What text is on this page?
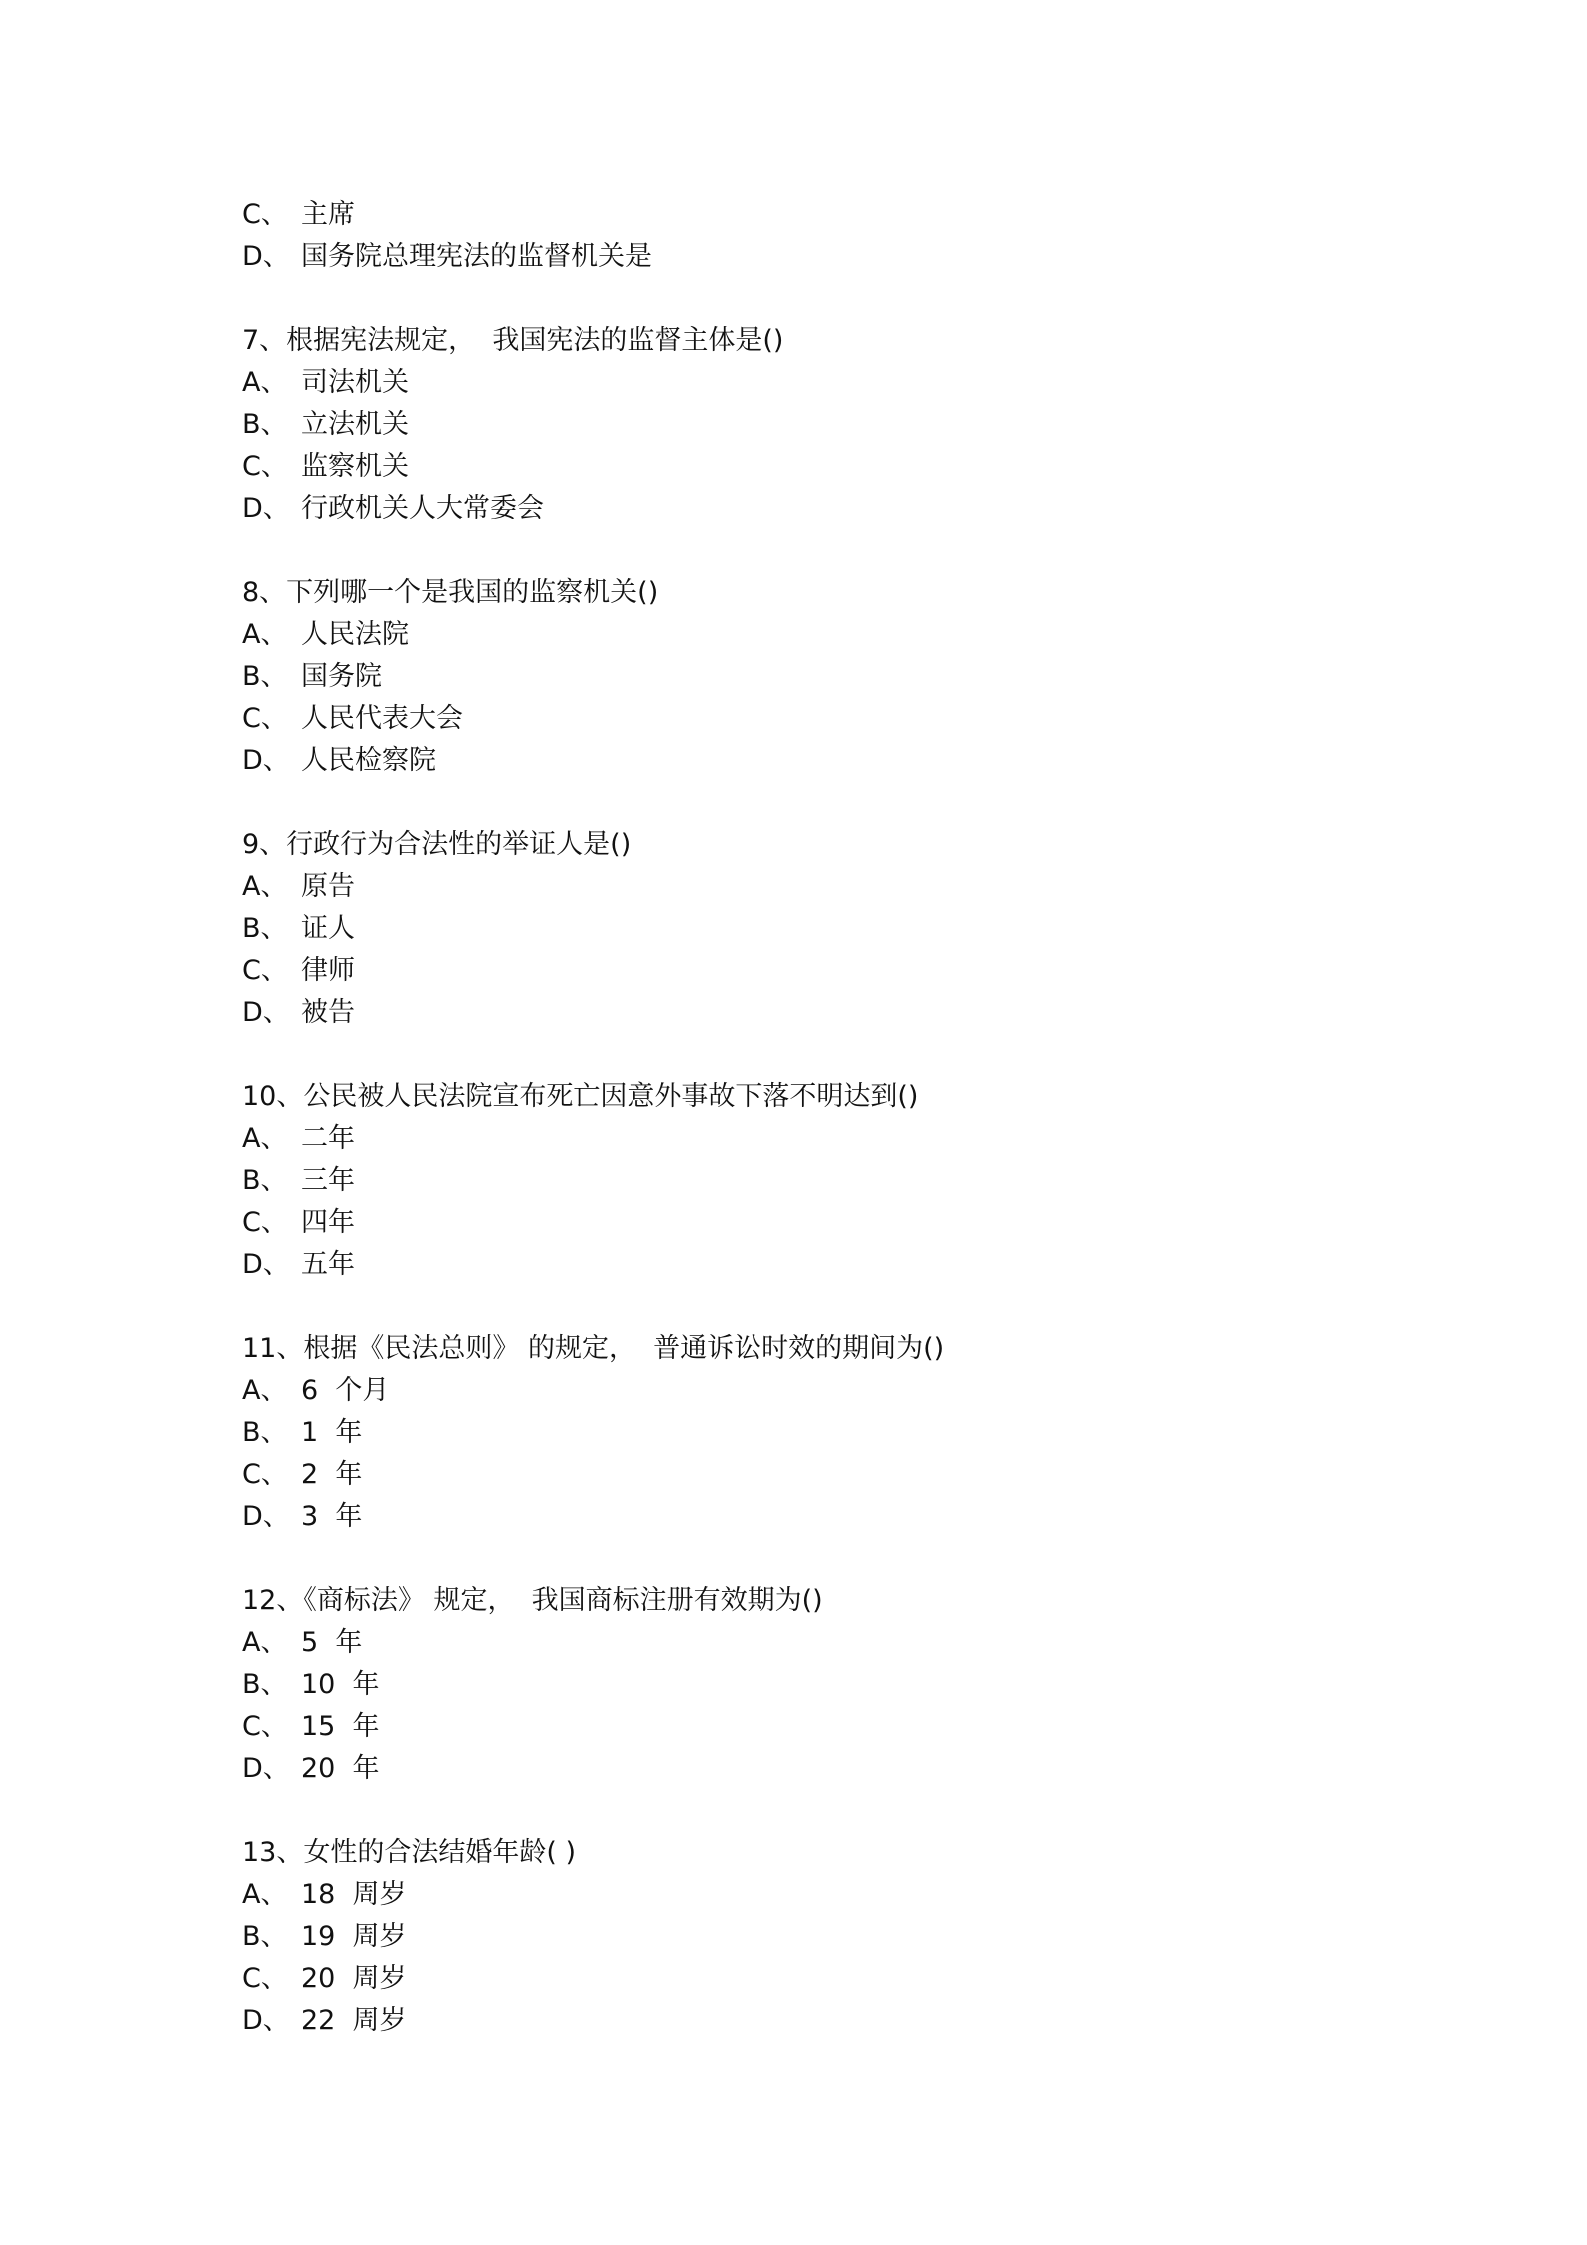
C、 主席
D、 国务院总理宪法的监督机关是
7、根据宪法规定，  我国宪法的监督主体是()
A、 司法机关
B、 立法机关
C、 监察机关
D、 行政机关人大常委会
8、下列哪一个是我国的监察机关()
A、 人民法院
B、 国务院
C、 人民代表大会
D、 人民检察院
9、行政行为合法性的举证人是()
A、 原告
B、 证人
C、 律师
D、 被告
10、公民被人民法院宣布死亡因意外事故下落不明达到()
A、 二年
B、 三年
C、 四年
D、 五年
11、根据《民法总则》 的规定，  普通诉讼时效的期间为()
A、 6  个月
B、 1  年
C、 2  年
D、 3  年
12、《商标法》 规定，  我国商标注册有效期为()
A、 5  年
B、 10  年
C、 15  年
D、 20  年
13、女性的合法结婚年龄( )
A、 18  周岁
B、 19  周岁
C、 20  周岁
D、 22  周岁
